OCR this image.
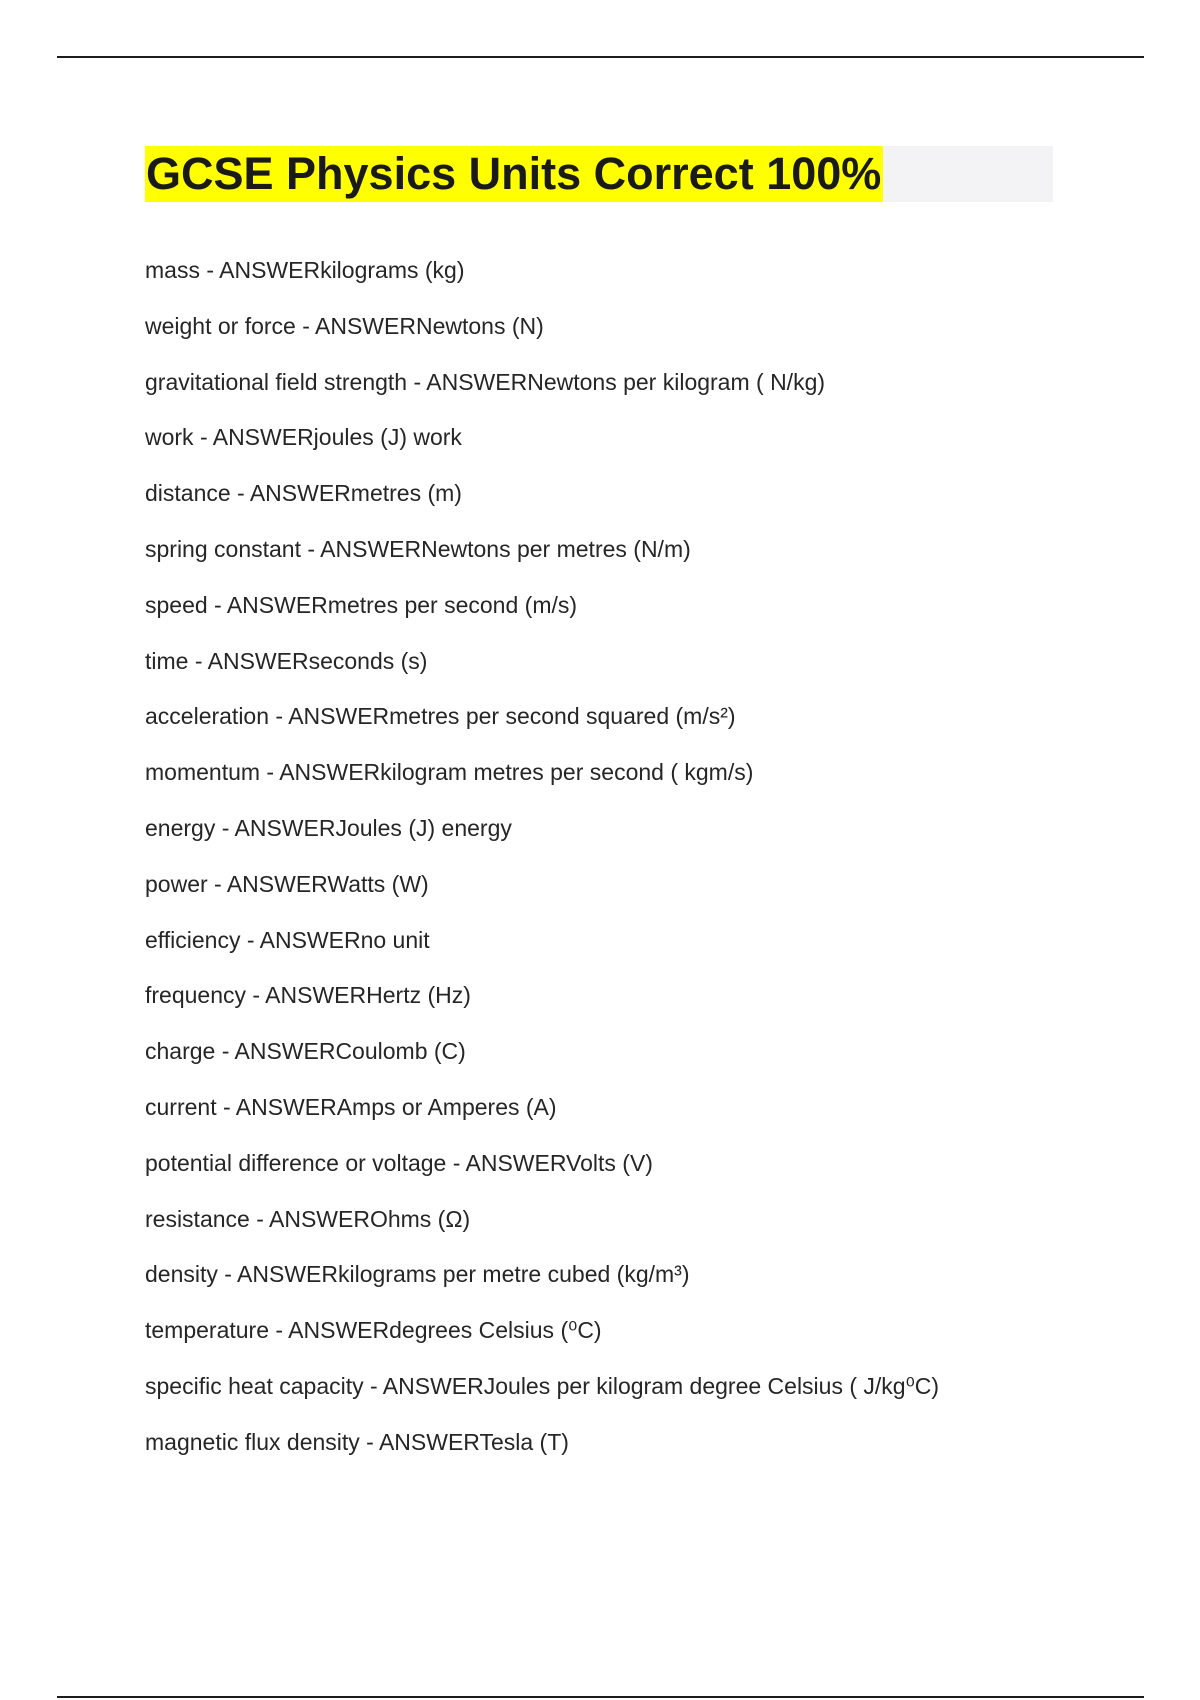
GCSE Physics Units Correct 100%
mass - ANSWERkilograms (kg)
weight or force - ANSWERNewtons (N)
gravitational field strength - ANSWERNewtons per kilogram ( N/kg)
work - ANSWERjoules (J) work
distance - ANSWERmetres (m)
spring constant - ANSWERNewtons per metres (N/m)
speed - ANSWERmetres per second (m/s)
time - ANSWERseconds (s)
acceleration - ANSWERmetres per second squared (m/s²)
momentum - ANSWERkilogram metres per second ( kgm/s)
energy - ANSWERJoules (J) energy
power - ANSWERWatts (W)
efficiency - ANSWERno unit
frequency - ANSWERHertz (Hz)
charge - ANSWERCoulomb (C)
current - ANSWERAmps or Amperes (A)
potential difference or voltage - ANSWERVolts (V)
resistance - ANSWEROhms (Ω)
density - ANSWERkilograms per metre cubed (kg/m³)
temperature - ANSWERdegrees Celsius (⁰C)
specific heat capacity - ANSWERJoules per kilogram degree Celsius ( J/kg⁰C)
magnetic flux density - ANSWERTesla (T)
